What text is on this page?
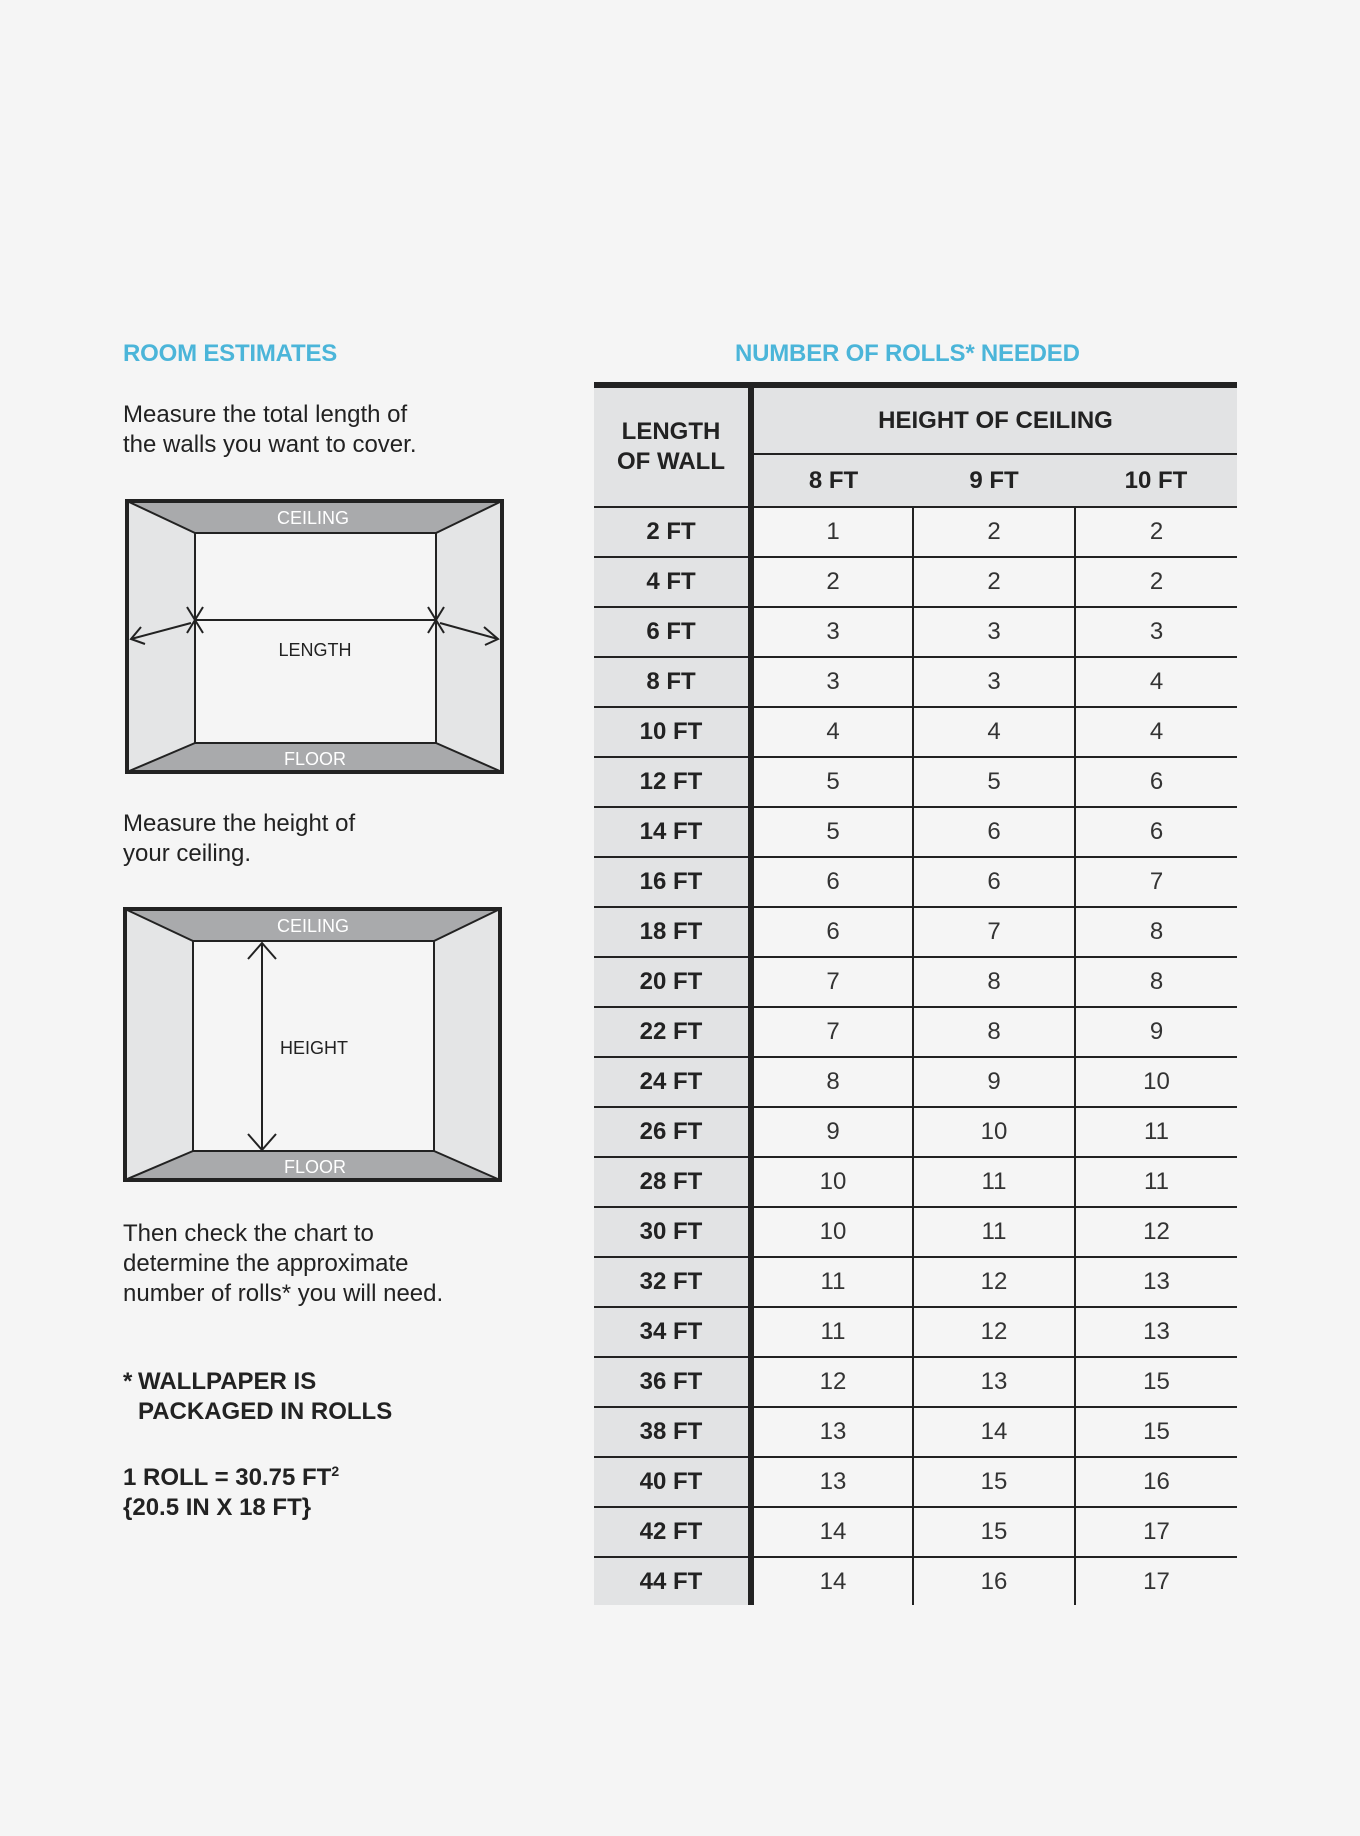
ROOM ESTIMATES

Measure the total length of
the walls you want to cover.

CEILING
FLOOR
LENGTH

Measure the height of
your ceiling.

CEILING
FLOOR
HEIGHT

Then check the chart to
determine the approximate
number of rolls* you will need.

* WALLPAPER IS
PACKAGED IN ROLLS
1 ROLL = 30.75 $FT^2$
{20.5 IN X 18 FT}
NUMBER OF ROLLS* NEEDED
LENGTH
OF WALL	HEIGHT OF CEILING		
	8 FT	9 FT	10 FT
2 FT	1	2	2
4 FT	2	2	2
6 FT	3	3	3
8 FT	3	3	4
10 FT	4	4	4
12 FT	5	5	6
14 FT	5	6	6
16 FT	6	6	7
18 FT	6	7	8
20 FT	7	8	8
22 FT	7	8	9
24 FT	8	9	10
26 FT	9	10	11
28 FT	10	11	11
30 FT	10	11	12
32 FT	11	12	13
34 FT	11	12	13
36 FT	12	13	15
38 FT	13	14	15
40 FT	13	15	16
42 FT	14	15	17
44 FT	14	16	17
